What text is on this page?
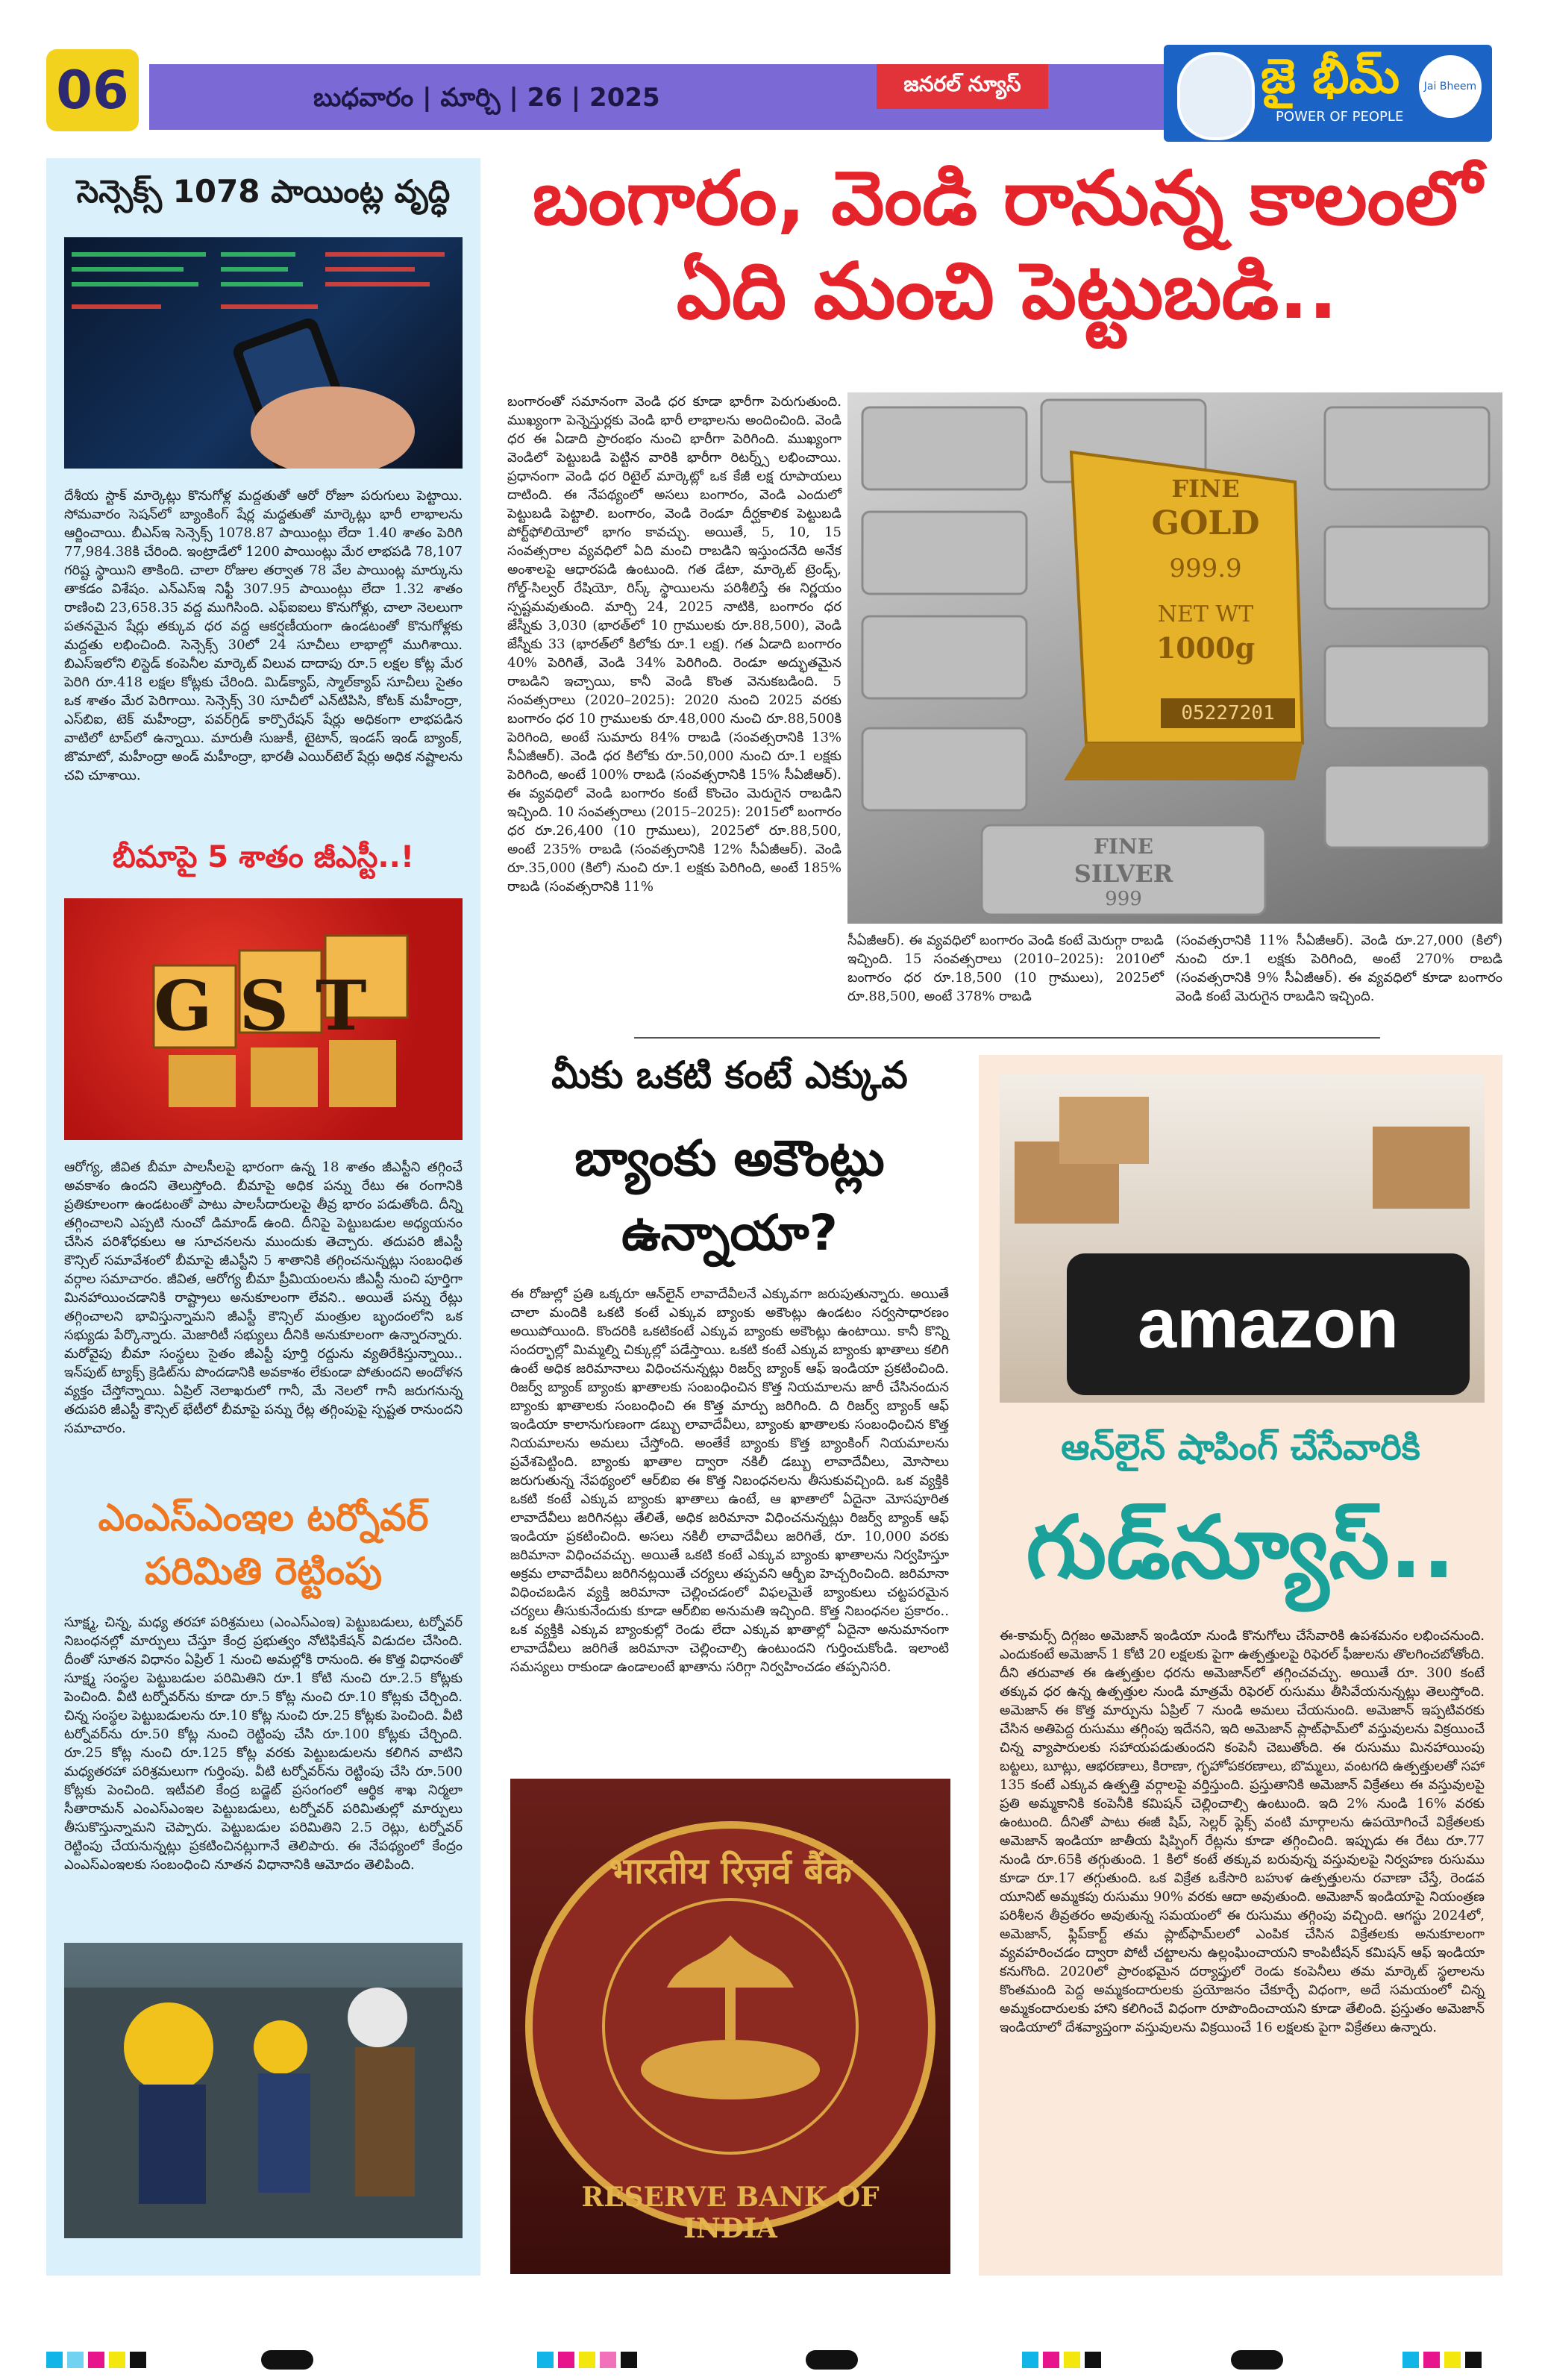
06	బుధవారం | మార్చి | 26 | 2025	జనరల్ న్యూస్	జై భీమ్
POWER OF PEOPLE
Jai Bheem
సెన్సెక్స్ 1078 పాయింట్ల వృద్ధి
దేశీయ స్టాక్ మార్కెట్లు కొనుగోళ్ల మద్దతుతో ఆరో రోజూ పరుగులు పెట్టాయి. సోమవారం సెషన్‌లో బ్యాంకింగ్ షేర్ల మద్దతుతో మార్కెట్లు భారీ లాభాలను ఆర్జించాయి. బీఎస్ఇ సెన్సెక్స్ 1078.87 పాయింట్లు లేదా 1.40 శాతం పెరిగి 77,984.38కి చేరింది. ఇంట్రాడేలో 1200 పాయింట్లు మేర లాభపడి 78,107 గరిష్ట స్థాయిని తాకింది. చాలా రోజుల తర్వాత 78 వేల పాయింట్ల మార్కును తాకడం విశేషం. ఎన్ఎస్ఇ నిఫ్టీ 307.95 పాయింట్లు లేదా 1.32 శాతం రాణించి 23,658.35 వద్ద ముగిసింది. ఎఫ్ఐఐలు కొనుగోళ్లు, చాలా నెలలుగా పతనమైన షేర్లు తక్కువ ధర వద్ద ఆకర్షణీయంగా ఉండటంతో కొనుగోళ్లకు మద్దతు లభించింది. సెన్సెక్స్ 30లో 24 సూచీలు లాభాల్లో ముగిశాయి. బిఎస్ఇలోని లిస్టెడ్ కంపెనీల మార్కెట్ విలువ దాదాపు రూ.5 లక్షల కోట్ల మేర పెరిగి రూ.418 లక్షల కోట్లకు చేరింది. మిడ్‌క్యాప్, స్మాల్‌క్యాప్ సూచీలు సైతం ఒక శాతం మేర పెరిగాయి. సెన్సెక్స్ 30 సూచీలో ఎన్‌టిపిసి, కోటక్ మహీంద్రా, ఎస్‌బిఐ, టెక్ మహీంద్రా, పవర్‌గ్రిడ్ కార్పొరేషన్ షేర్లు అధికంగా లాభపడిన వాటిలో టాప్‌లో ఉన్నాయి. మారుతీ సుజుకీ, టైటాన్, ఇండస్ ఇండ్ బ్యాంక్, జొమాటో, మహీంద్రా అండ్ మహీంద్రా, భారతీ ఎయిర్‌టెల్ షేర్లు అధిక నష్టాలను చవి చూశాయి.
బీమాపై 5 శాతం జీఎస్టీ..!
GST
ఆరోగ్య, జీవిత బీమా పాలసీలపై భారంగా ఉన్న 18 శాతం జీఎస్టీని తగ్గించే అవకాశం ఉందని తెలుస్తోంది. బీమాపై అధిక పన్ను రేటు ఈ రంగానికి ప్రతికూలంగా ఉండటంతో పాటు పాలసీదారులపై తీవ్ర భారం పడుతోంది. దీన్ని తగ్గించాలని ఎప్పటి నుంచో డిమాండ్ ఉంది. దీనిపై పెట్టుబడుల అధ్యయనం చేసిన పరిశోధకులు ఆ సూచనలను ముందుకు తెచ్చారు. తదుపరి జీఎస్టీ కౌన్సిల్ సమావేశంలో బీమాపై జీఎస్టీని 5 శాతానికి తగ్గించనున్నట్లు సంబంధిత వర్గాల సమాచారం. జీవిత, ఆరోగ్య బీమా ప్రీమియంలను జీఎస్టీ నుంచి పూర్తిగా మినహాయించడానికి రాష్ట్రాలు అనుకూలంగా లేవని.. అయితే పన్ను రేట్లు తగ్గించాలని భావిస్తున్నామని జీఎస్టీ కౌన్సిల్ మంత్రుల బృందంలోని ఒక సభ్యుడు పేర్కొన్నారు. మెజారిటీ సభ్యులు దీనికి అనుకూలంగా ఉన్నారన్నారు. మరోవైపు బీమా సంస్థలు సైతం జీఎస్టీ పూర్తి రద్దును వ్యతిరేకిస్తున్నాయి.. ఇన్‌పుట్ ట్యాక్స్ క్రెడిట్‌ను పొందడానికి అవకాశం లేకుండా పోతుందని అందోళన వ్యక్తం చేస్తోన్నాయి. ఏప్రిల్ నెలాఖరులో గానీ, మే నెలలో గానీ జరుగనున్న తదుపరి జీఎస్టీ కౌన్సిల్ భేటీలో బీమాపై పన్ను రేట్ల తగ్గింపుపై స్పష్టత రానుందని సమాచారం.
ఎంఎస్ఎంఇల టర్నోవర్ పరిమితి రెట్టింపు
సూక్ష్మ, చిన్న, మధ్య తరహా పరిశ్రమలు (ఎంఎస్ఎంఇ) పెట్టుబడులు, టర్నోవర్ నిబంధనల్లో మార్పులు చేస్తూ కేంద్ర ప్రభుత్వం నోటిఫికేషన్ విడుదల చేసింది. దీంతో సూతన విధానం ఏప్రిల్ 1 నుంచి అమల్లోకి రానుంది. ఈ కొత్త విధానంతో సూక్ష్మ సంస్థల పెట్టుబడుల పరిమితిని రూ.1 కోటి నుంచి రూ.2.5 కోట్లకు పెంచింది. వీటి టర్నోవర్‌ను కూడా రూ.5 కోట్ల నుంచి రూ.10 కోట్లకు చేర్చింది. చిన్న సంస్థల పెట్టుబడులను రూ.10 కోట్ల నుంచి రూ.25 కోట్లకు పెంచింది. వీటి టర్నోవర్‌ను రూ.50 కోట్ల నుంచి రెట్టింపు చేసి రూ.100 కోట్లకు చేర్చింది. రూ.25 కోట్ల నుంచి రూ.125 కోట్ల వరకు పెట్టుబడులను కలిగిన వాటిని మధ్యతరహా పరిశ్రమలుగా గుర్తింపు. వీటి టర్నోవర్‌ను రెట్టింపు చేసి రూ.500 కోట్లకు పెంచింది. ఇటీవలి కేంద్ర బడ్జెట్ ప్రసంగంలో ఆర్థిక శాఖ నిర్మలా సీతారామన్ ఎంఎస్ఎంఇల పెట్టుబడులు, టర్నోవర్ పరిమితుల్లో మార్పులు తీసుకొస్తున్నామని చెప్పారు. పెట్టుబడుల పరిమితిని 2.5 రెట్లు, టర్నోవర్ రెట్టింపు చేయనున్నట్లు ప్రకటించినట్లుగానే తెలిపారు. ఈ నేపథ్యంలో కేంద్రం ఎంఎస్ఎంఇలకు సంబంధించి నూతన విధానానికి ఆమోదం తెలిపింది.
బంగారం, వెండి రానున్న కాలంలో
ఏది మంచి పెట్టుబడి..
బంగారంతో సమానంగా వెండి ధర కూడా భారీగా పెరుగుతుంది. ముఖ్యంగా పెన్నెస్తుర్లకు వెండి భారీ లాభాలను అందించింది. వెండి ధర ఈ ఏడాది ప్రారంభం నుంచి భారీగా పెరిగింది. ముఖ్యంగా వెండిలో పెట్టుబడి పెట్టిన వారికి భారీగా రిటర్న్స్ లభించాయి. ప్రధానంగా వెండి ధర రిటైల్ మార్కెట్లో ఒక కేజీ లక్ష రూపాయలు దాటింది. ఈ నేపథ్యంలో అసలు బంగారం, వెండి ఎందులో పెట్టుబడి పెట్టాలి. బంగారం, వెండి రెండూ దీర్ఘకాలిక పెట్టుబడి పోర్ట్‌ఫోలియోలో భాగం కావచ్చు. అయితే, 5, 10, 15 సంవత్సరాల వ్యవధిలో ఏది మంచి రాబడిని ఇస్తుందనేది అనేక అంశాలపై ఆధారపడి ఉంటుంది. గత డేటా, మార్కెట్ ట్రెండ్స్, గోల్డ్-సిల్వర్ రేషియో, రిస్క్ స్థాయిలను పరిశీలిస్తే ఈ నిర్ణయం స్పష్టమవుతుంది. మార్చి 24, 2025 నాటికి, బంగారం ధర జేస్నీకు 3,030 (భారత్‌లో 10 గ్రాములకు రూ.88,500), వెండి జేస్నీకు 33 (భారత్‌లో కిలోకు రూ.1 లక్ష). గత ఏడాది బంగారం 40% పెరిగితే, వెండి 34% పెరిగింది. రెండూ అద్భుతమైన రాబడిని ఇచ్చాయి, కానీ వెండి కొంత వెనుకబడింది. 5 సంవత్సరాలు (2020–2025): 2020 నుంచి 2025 వరకు బంగారం ధర 10 గ్రాములకు రూ.48,000 నుంచి రూ.88,500కి పెరిగింది, అంటే సుమారు 84% రాబడి (సంవత్సరానికి 13% సీఏజీఆర్). వెండి ధర కిలోకు రూ.50,000 నుంచి రూ.1 లక్షకు పెరిగింది, అంటే 100% రాబడి (సంవత్సరానికి 15% సీఏజీఆర్). ఈ వ్యవధిలో వెండి బంగారం కంటే కొంచెం మెరుగైన రాబడిని ఇచ్చింది. 10 సంవత్సరాలు (2015–2025): 2015లో బంగారం ధర రూ.26,400 (10 గ్రాములు), 2025లో రూ.88,500, అంటే 235% రాబడి (సంవత్సరానికి 12% సీఏజీఆర్). వెండి రూ.35,000 (కిలో) నుంచి రూ.1 లక్షకు పెరిగింది, అంటే 185% రాబడి (సంవత్సరానికి 11%
FINE
GOLD
999.9
NET WT
1000g
05227201
FINE
SILVER
999
సీఏజీఆర్). ఈ వ్యవధిలో బంగారం వెండి కంటే మెరుగ్గా రాబడి ఇచ్చింది. 15 సంవత్సరాలు (2010–2025): 2010లో బంగారం ధర రూ.18,500 (10 గ్రాములు), 2025లో రూ.88,500, అంటే 378% రాబడి
(సంవత్సరానికి 11% సీఏజీఆర్). వెండి రూ.27,000 (కిలో) నుంచి రూ.1 లక్షకు పెరిగింది, అంటే 270% రాబడి (సంవత్సరానికి 9% సీఏజీఆర్). ఈ వ్యవధిలో కూడా బంగారం వెండి కంటే మెరుగైన రాబడిని ఇచ్చింది.
మీకు ఒకటి కంటే ఎక్కువ
బ్యాంకు అకౌంట్లు
ఉన్నాయా?
ఈ రోజుల్లో ప్రతి ఒక్కరూ ఆన్‌లైన్ లావాదేవీలనే ఎక్కువగా జరుపుతున్నారు. అయితే చాలా మందికి ఒకటి కంటే ఎక్కువ బ్యాంకు అకౌంట్లు ఉండటం సర్వసాధారణం అయిపోయింది. కొందరికి ఒకటికంటే ఎక్కువ బ్యాంకు అకౌంట్లు ఉంటాయి. కానీ కొన్ని సందర్భాల్లో మిమ్మల్ని చిక్కుల్లో పడేస్తాయి. ఒకటి కంటే ఎక్కువ బ్యాంకు ఖాతాలు కలిగి ఉంటే అధిక జరిమానాలు విధించనున్నట్లు రిజర్వ్ బ్యాంక్ ఆఫ్ ఇండియా ప్రకటించింది. రిజర్వ్ బ్యాంక్ బ్యాంకు ఖాతాలకు సంబంధించిన కొత్త నియమాలను జారీ చేసినందున బ్యాంకు ఖాతాలకు సంబంధించి ఈ కొత్త మార్పు జరిగింది. ది రిజర్వ్ బ్యాంక్ ఆఫ్ ఇండియా కాలానుగుణంగా డబ్బు లావాదేవీలు, బ్యాంకు ఖాతాలకు సంబంధించిన కొత్త నియమాలను అమలు చేస్తోంది. అంతేకే బ్యాంకు కొత్త బ్యాంకింగ్ నియమాలను ప్రవేశపెట్టింది. బ్యాంకు ఖాతాల ద్వారా నకిలీ డబ్బు లావాదేవీలు, మోసాలు జరుగుతున్న నేపథ్యంలో ఆర్‌బిఐ ఈ కొత్త నిబంధనలను తీసుకువచ్చింది. ఒక వ్యక్తికి ఒకటి కంటే ఎక్కువ బ్యాంకు ఖాతాలు ఉంటే, ఆ ఖాతాలో ఏదైనా మోసపూరిత లావాదేవీలు జరిగినట్లు తేలితే, అధిక జరిమానా విధించనున్నట్లు రిజర్వ్ బ్యాంక్ ఆఫ్ ఇండియా ప్రకటించింది. అసలు నకిలీ లావాదేవీలు జరిగితే, రూ. 10,000 వరకు జరిమానా విధించవచ్చు. అయితే ఒకటి కంటే ఎక్కువ బ్యాంకు ఖాతాలను నిర్వహిస్తూ అక్రమ లావాదేవీలు జరిగినట్లయితే చర్యలు తప్పవని ఆర్బీఐ హెచ్చరించింది. జరిమానా విధించబడిన వ్యక్తి జరిమానా చెల్లించడంలో విఫలమైతే బ్యాంకులు చట్టపరమైన చర్యలు తీసుకునేందుకు కూడా ఆర్‌బిఐ అనుమతి ఇచ్చింది. కొత్త నిబంధనల ప్రకారం.. ఒక వ్యక్తికి ఎక్కువ బ్యాంకుల్లో రెండు లేదా ఎక్కువ ఖాతాల్లో ఏదైనా అనుమానంగా లావాదేవీలు జరిగితే జరిమానా చెల్లించాల్సి ఉంటుందని గుర్తించుకోండి. ఇలాంటి సమస్యలు రాకుండా ఉండాలంటే ఖాతాను సరిగ్గా నిర్వహించడం తప్పనిసరి.
भारतीय रिज़र्व बैंक
RESERVE BANK OF INDIA
amazon
ఆన్‌లైన్ షాపింగ్ చేసేవారికి
గుడ్‌న్యూస్..
ఈ-కామర్స్ దిగ్గజం అమెజాన్ ఇండియా నుండి కొనుగోలు చేసేవారికి ఉపశమనం లభించనుంది. ఎందుకంటే అమెజాన్ 1 కోటి 20 లక్షలకు పైగా ఉత్పత్తులపై రిఫెరల్ ఫీజులను తొలగించబోతోంది. దీని తరువాత ఈ ఉత్పత్తుల ధరను అమెజాన్‌లో తగ్గించవచ్చు. అయితే రూ. 300 కంటే తక్కువ ధర ఉన్న ఉత్పత్తుల నుండి మాత్రమే రిఫెరల్ రుసుము తీసివేయనున్నట్లు తెలుస్తోంది. అమెజాన్ ఈ కొత్త మార్పును ఏప్రిల్ 7 నుండి అమలు చేయనుంది. అమెజాన్ ఇప్పటివరకు చేసిన అతిపెద్ద రుసుము తగ్గింపు ఇదేనని, ఇది అమెజాన్ ప్లాట్‌ఫామ్‌లో వస్తువులను విక్రయించే చిన్న వ్యాపారులకు సహాయపడుతుందని కంపెనీ చెబుతోంది. ఈ రుసుము మినహాయింపు బట్టలు, బూట్లు, ఆభరణాలు, కిరాణా, గృహోపకరణాలు, బొమ్మలు, వంటగది ఉత్పత్తులతో సహా 135 కంటే ఎక్కువ ఉత్పత్తి వర్గాలపై వర్తిస్తుంది. ప్రస్తుతానికి అమెజాన్ విక్రేతలు ఈ వస్తువులపై ప్రతి అమ్మకానికి కంపెనీకి కమిషన్ చెల్లించాల్సి ఉంటుంది. ఇది 2% నుండి 16% వరకు ఉంటుంది. దీనితో పాటు ఈజీ షిప్, సెల్లర్ ఫ్లెక్స్ వంటి మార్గాలను ఉపయోగించే విక్రేతలకు అమెజాన్ ఇండియా జాతీయ షిప్పింగ్ రేట్లను కూడా తగ్గించింది. ఇప్పుడు ఈ రేటు రూ.77 నుండి రూ.65కి తగ్గుతుంది. 1 కిలో కంటే తక్కువ బరువున్న వస్తువులపై నిర్వహణ రుసుము కూడా రూ.17 తగ్గుతుంది. ఒక విక్రేత ఒకేసారి బహుళ ఉత్పత్తులను రవాణా చేస్తే, రెండవ యూనిట్ అమ్మకపు రుసుము 90% వరకు ఆదా అవుతుంది. అమెజాన్ ఇండియాపై నియంత్రణ పరిశీలన తీవ్రతరం అవుతున్న సమయంలో ఈ రుసుము తగ్గింపు వచ్చింది. ఆగస్టు 2024లో, అమెజాన్, ఫ్లిప్‌కార్ట్ తమ ప్లాట్‌ఫామ్‌లలో ఎంపిక చేసిన విక్రేతలకు అనుకూలంగా వ్యవహరించడం ద్వారా పోటీ చట్టాలను ఉల్లంఘించాయని కాంపిటీషన్ కమిషన్ ఆఫ్ ఇండియా కనుగొంది. 2020లో ప్రారంభమైన దర్యాప్తులో రెండు కంపెనీలు తమ మార్కెట్ స్థలాలను కొంతమంది పెద్ద అమ్మకందారులకు ప్రయోజనం చేకూర్చే విధంగా, అదే సమయంలో చిన్న అమ్మకందారులకు హాని కలిగించే విధంగా రూపొందించాయని కూడా తేలింది. ప్రస్తుతం అమెజాన్ ఇండియాలో దేశవ్యాప్తంగా వస్తువులను విక్రయించే 16 లక్షలకు పైగా విక్రేతలు ఉన్నారు.
